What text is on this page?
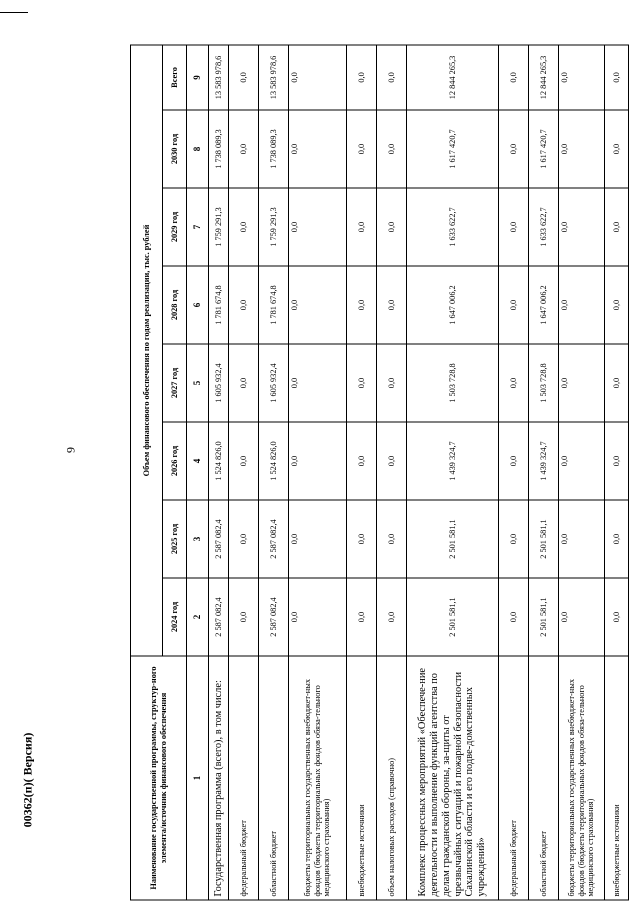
9
00362(п)( Версия)	Наименование государственной программы, структур-ного элемента/источник финансового обеспечения	Объем финансового обеспечения по годам реализации, тыс. рублей							
	2024 год	2025 год	2026 год	2027 год	2028 год	2029 год	2030 год	Всего
1	2	3	4	5	6	7	8	9
Государственная программа (всего), в том числе:	2 587 082,4	2 587 082,4	1 524 826,0	1 605 932,4	1 781 674,8	1 759 291,3	1 738 089,3	13 583 978,6
федеральный бюджет	0,0	0,0	0,0	0,0	0,0	0,0	0,0	0,0
областной бюджет	2 587 082,4	2 587 082,4	1 524 826,0	1 605 932,4	1 781 674,8	1 759 291,3	1 738 089,3	13 583 978,6
бюджеты территориальных государственных внебюджет-ных фондов (бюджеты территориальных фондов обяза-тельного медицинского страхования)	0,0	0,0	0,0	0,0	0,0	0,0	0,0	0,0
внебюджетные источники	0,0	0,0	0,0	0,0	0,0	0,0	0,0	0,0
объем налоговых расходов (справочно)	0,0	0,0	0,0	0,0	0,0	0,0	0,0	0,0
Комплекс процессных мероприятий «Обеспече-ние деятельности и выполнение функций агентства по делам гражданской обороны, за-щиты от чрезвычайных ситуаций и пожарной безопасности Сахалинской области и его подве-домственных учреждений»	2 501 581,1	2 501 581,1	1 439 324,7	1 503 728,8	1 647 006,2	1 633 622,7	1 617 420,7	12 844 265,3
федеральный бюджет	0,0	0,0	0,0	0,0	0,0	0,0	0,0	0,0
областной бюджет	2 501 581,1	2 501 581,1	1 439 324,7	1 503 728,8	1 647 006,2	1 633 622,7	1 617 420,7	12 844 265,3
бюджеты территориальных государственных внебюджет-ных фондов (бюджеты территориальных фондов обяза-тельного медицинского страхования)	0,0	0,0	0,0	0,0	0,0	0,0	0,0	0,0
внебюджетные источники	0,0	0,0	0,0	0,0	0,0	0,0	0,0	0,0
